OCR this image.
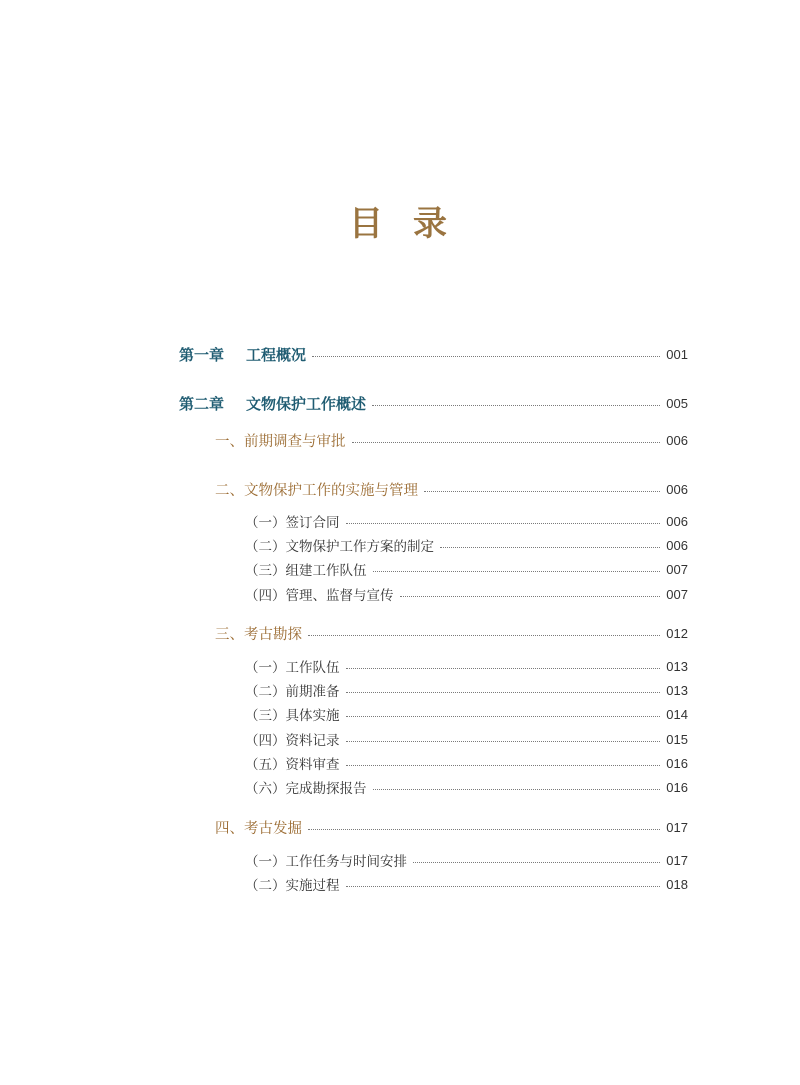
目 录
第一章 工程概况	001
第二章 文物保护工作概述	005
一、前期调查与审批	006
二、文物保护工作的实施与管理	006
（一）签订合同	006
（二）文物保护工作方案的制定	006
（三）组建工作队伍	007
（四）管理、监督与宣传	007
三、考古勘探	012
（一）工作队伍	013
（二）前期准备	013
（三）具体实施	014
（四）资料记录	015
（五）资料审查	016
（六）完成勘探报告	016
四、考古发掘	017
（一）工作任务与时间安排	017
（二）实施过程	018
